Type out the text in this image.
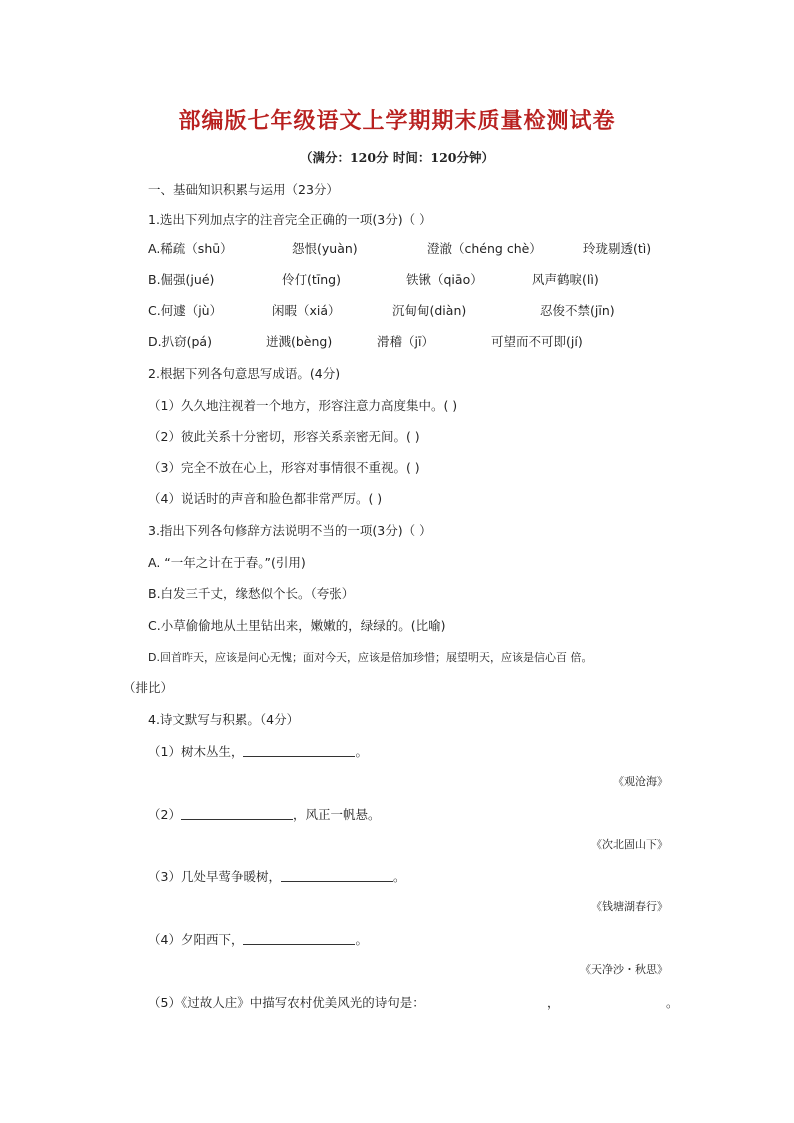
部编版七年级语文上学期期末质量检测试卷
（满分：120分 时间：120分钟）
一、基础知识积累与运用（23分）
1.选出下列加点字的注音完全正确的一项(3分)（ ）
A.稀疏（shū）	怨恨(yuàn)	澄澈（chéng chè）	玲珑剔透(tì)
B.倔强(jué)	伶仃(tīng)	铁锹（qiāo）	风声鹤唳(lì)
C.何遽（jù）	闲暇（xiá）	沉甸甸(diàn)	忍俊不禁(jīn)
D.扒窃(pá)	迸溅(bèng)	滑稽（jī）	可望而不可即(jí)
2.根据下列各句意思写成语。(4分)
（1）久久地注视着一个地方，形容注意力高度集中。( )
（2）彼此关系十分密切，形容关系亲密无间。( )
（3）完全不放在心上，形容对事情很不重视。( )
（4）说话时的声音和脸色都非常严厉。( )
3.指出下列各句修辞方法说明不当的一项(3分)（ ）
A. “一年之计在于春。”(引用)
B.白发三千丈，缘愁似个长。（夸张）
C.小草偷偷地从土里钻出来，嫩嫩的，绿绿的。(比喻)
D.回首昨天，应该是问心无愧；面对今天，应该是倍加珍惜；展望明天，应该是信心百 倍。
（排比）
4.诗文默写与积累。（4分）
（1）树木丛生，	。
《观沧海》
（2）	，风正一帆悬。
《次北固山下》
（3）几处早莺争暖树，	。
《钱塘湖春行》
（4）夕阳西下，	。
《天净沙・秋思》
（5）《过故人庄》中描写农村优美风光的诗句是：	，	。
